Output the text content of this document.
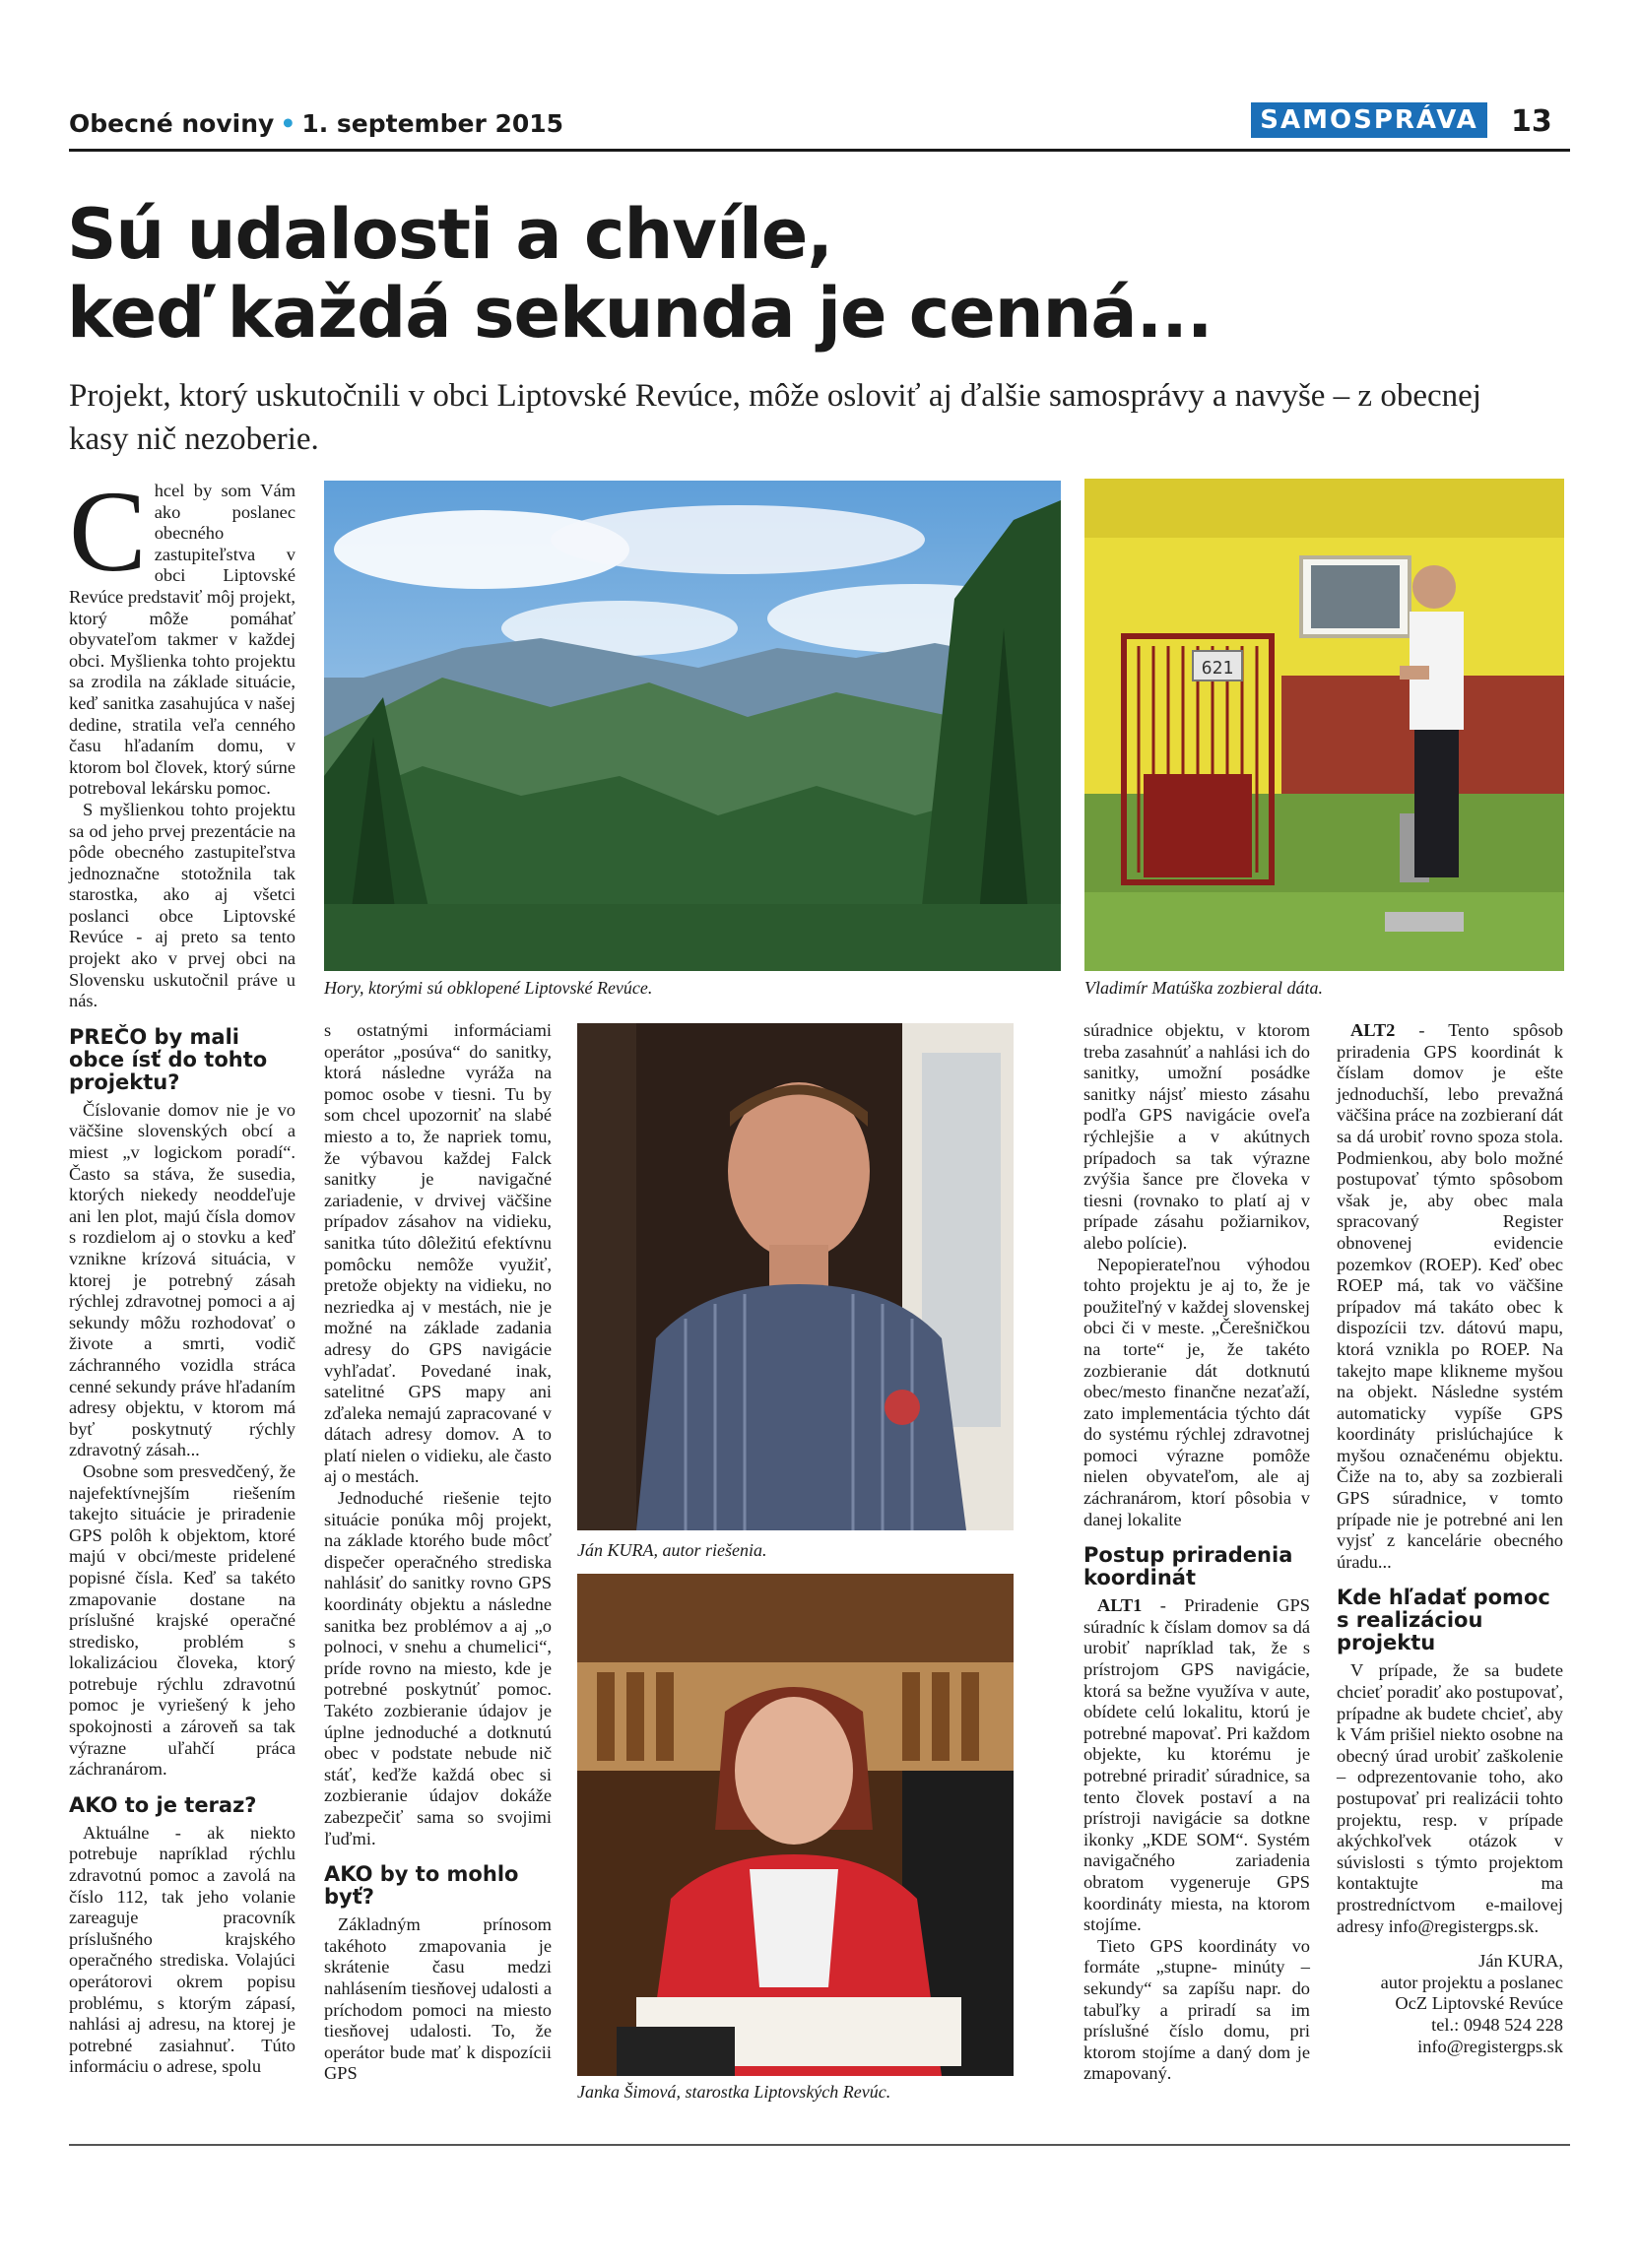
Obecné noviny • 1. september 2015	SAMOSPRÁVA	13
Sú udalosti a chvíle,
keď každá sekunda je cenná...

Projekt, ktorý uskutočnili v obci Liptovské Revúce, môže osloviť aj ďalšie samosprávy a navyše – z obecnej kasy nič nezoberie.

Chcel by som Vám ako poslanec obecného zastupiteľstva v obci Liptovské Revúce predstaviť môj projekt, ktorý môže pomáhať obyvateľom takmer v každej obci. Myšlienka tohto projektu sa zrodila na základe situácie, keď sanitka zasahujúca v našej dedine, stratila veľa cenného času hľadaním domu, v ktorom bol človek, ktorý súrne potreboval lekársku pomoc.

S myšlienkou tohto projektu sa od jeho prvej prezentácie na pôde obecného zastupiteľstva jednoznačne stotožnila tak starostka, ako aj všetci poslanci obce Liptovské Revúce - aj preto sa tento projekt ako v prvej obci na Slovensku uskutočnil práve u nás.

PREČO by mali obce ísť do tohto projektu?

Číslovanie domov nie je vo väčšine slovenských obcí a miest „v logickom poradí“. Často sa stáva, že susedia, ktorých niekedy neoddeľuje ani len plot, majú čísla domov s rozdielom aj o stovku a keď vznikne krízová situácia, v ktorej je potrebný zásah rýchlej zdravotnej pomoci a aj sekundy môžu rozhodovať o živote a smrti, vodič záchranného vozidla stráca cenné sekundy práve hľadaním adresy objektu, v ktorom má byť poskytnutý rýchly zdravotný zásah...

Osobne som presvedčený, že najefektívnejším riešením takejto situácie je priradenie GPS polôh k objektom, ktoré majú v obci/meste pridelené popisné čísla. Keď sa takéto zmapovanie dostane na príslušné krajské operačné stredisko, problém s lokalizáciou človeka, ktorý potrebuje rýchlu zdravotnú pomoc je vyriešený k jeho spokojnosti a zároveň sa tak výrazne uľahčí práca záchranárom.

AKO to je teraz?

Aktuálne - ak niekto potrebuje napríklad rýchlu zdravotnú pomoc a zavolá na číslo 112, tak jeho volanie zareaguje pracovník príslušného krajského operačného strediska. Volajúci operátorovi okrem popisu problému, s ktorým zápasí, nahlási aj adresu, na ktorej je potrebné zasiahnuť. Túto informáciu o adrese, spolu

Hory, ktorými sú obklopené Liptovské Revúce.
621
Vladimír Matúška zozbieral dáta.

s ostatnými informáciami operátor „posúva“ do sanitky, ktorá následne vyráža na pomoc osobe v tiesni. Tu by som chcel upozorniť na slabé miesto a to, že napriek tomu, že výbavou každej Falck sanitky je navigačné zariadenie, v drvivej väčšine prípadov zásahov na vidieku, sanitka túto dôležitú efektívnu pomôcku nemôže využiť, pretože objekty na vidieku, no nezriedka aj v mestách, nie je možné na základe zadania adresy do GPS navigácie vyhľadať. Povedané inak, satelitné GPS mapy ani zďaleka nemajú zapracované v dátach adresy domov. A to platí nielen o vidieku, ale často aj o mestách.

Jednoduché riešenie tejto situácie ponúka môj projekt, na základe ktorého bude môcť dispečer operačného strediska nahlásiť do sanitky rovno GPS koordináty objektu a následne sanitka bez problémov a aj „o polnoci, v snehu a chumelici“, príde rovno na miesto, kde je potrebné poskytnúť pomoc. Takéto zozbieranie údajov je úplne jednoduché a dotknutú obec v podstate nebude nič stáť, keďže každá obec si zozbieranie údajov dokáže zabezpečiť sama so svojimi ľuďmi.

AKO by to mohlo byť?

Základným prínosom takéhoto zmapovania je skrátenie času medzi nahlásením tiesňovej udalosti a príchodom pomoci na miesto tiesňovej udalosti. To, že operátor bude mať k dispozícii GPS

Ján KURA, autor riešenia.
Janka Šimová, starostka Liptovských Revúc.

súradnice objektu, v ktorom treba zasahnúť a nahlási ich do sanitky, umožní posádke sanitky nájsť miesto zásahu podľa GPS navigácie oveľa rýchlejšie a v akútnych prípadoch sa tak výrazne zvýšia šance pre človeka v tiesni (rovnako to platí aj v prípade zásahu požiarnikov, alebo polície).

Nepopierateľnou výhodou tohto projektu je aj to, že je použiteľný v každej slovenskej obci či v meste. „Čerešničkou na torte“ je, že takéto zozbieranie dát dotknutú obec/mesto finančne nezaťaží, zato implementácia týchto dát do systému rýchlej zdravotnej pomoci výrazne pomôže nielen obyvateľom, ale aj záchranárom, ktorí pôsobia v danej lokalite

Postup priradenia koordinát

ALT1 - Priradenie GPS súradníc k číslam domov sa dá urobiť napríklad tak, že s prístrojom GPS navigácie, ktorá sa bežne využíva v aute, obídete celú lokalitu, ktorú je potrebné mapovať. Pri každom objekte, ku ktorému je potrebné priradiť súradnice, sa tento človek postaví a na prístroji navigácie sa dotkne ikonky „KDE SOM“. Systém navigačného zariadenia obratom vygeneruje GPS koordináty miesta, na ktorom stojíme.

Tieto GPS koordináty vo formáte „stupne- minúty – sekundy“ sa zapíšu napr. do tabuľky a priradí sa im príslušné číslo domu, pri ktorom stojíme a daný dom je zmapovaný.

ALT2 - Tento spôsob priradenia GPS koordinát k číslam domov je ešte jednoduchší, lebo prevažná väčšina práce na zozbieraní dát sa dá urobiť rovno spoza stola. Podmienkou, aby bolo možné postupovať týmto spôsobom však je, aby obec mala spracovaný Register obnovenej evidencie pozemkov (ROEP). Keď obec ROEP má, tak vo väčšine prípadov má takáto obec k dispozícii tzv. dátovú mapu, ktorá vznikla po ROEP. Na takejto mape klikneme myšou na objekt. Následne systém automaticky vypíše GPS koordináty prislúchajúce k myšou označenému objektu. Čiže na to, aby sa zozbierali GPS súradnice, v tomto prípade nie je potrebné ani len vyjsť z kancelárie obecného úradu...

Kde hľadať pomoc s realizáciou projektu

V prípade, že sa budete chcieť poradiť ako postupovať, prípadne ak budete chcieť, aby k Vám prišiel niekto osobne na obecný úrad urobiť zaškolenie – odprezentovanie toho, ako postupovať pri realizácii tohto projektu, resp. v prípade akýchkoľvek otázok v súvislosti s týmto projektom kontaktujte ma prostredníctvom e-mailovej adresy info@registergps.sk.

Ján KURA,

autor projektu a poslanec

OcZ Liptovské Revúce

tel.: 0948 524 228

info@registergps.sk
